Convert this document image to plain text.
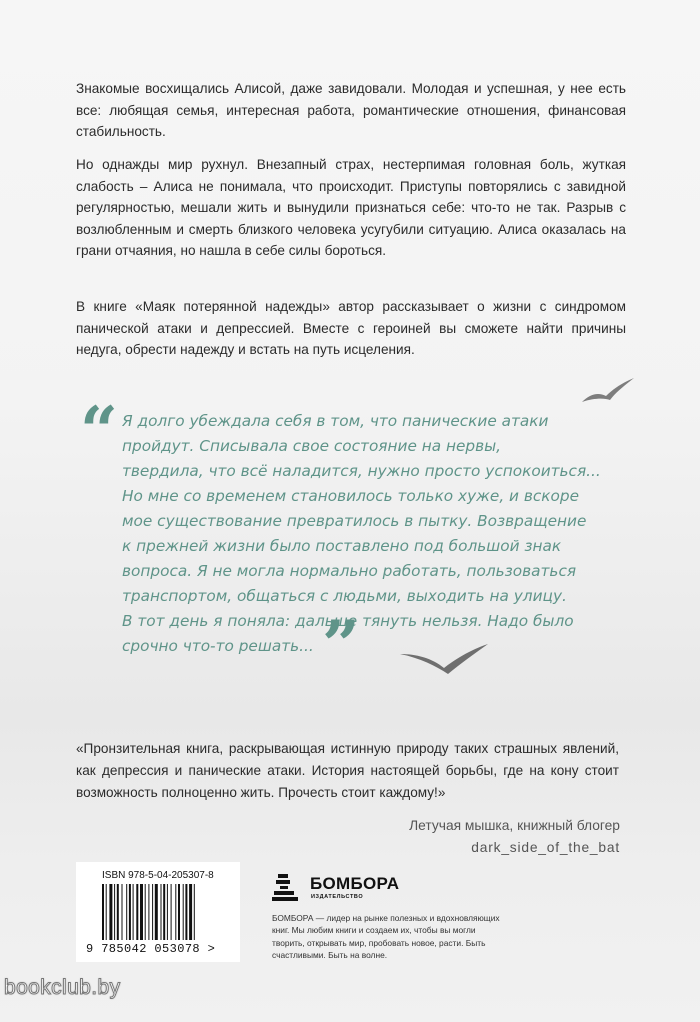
Знакомые восхищались Алисой, даже завидовали. Молодая и успешная, у нее есть все: любящая семья, интересная работа, романтические отношения, финансовая стабильность.

Но однажды мир рухнул. Внезапный страх, нестерпимая головная боль, жуткая слабость – Алиса не понимала, что происходит. Приступы повторялись с завидной регулярностью, мешали жить и вынудили признаться себе: что-то не так. Разрыв с возлюбленным и смерть близкого человека усугубили ситуацию. Алиса оказалась на грани отчаяния, но нашла в себе силы бороться.

В книге «Маяк потерянной надежды» автор рассказывает о жизни с синдромом панической атаки и депрессией. Вместе с героиней вы сможете найти причины недуга, обрести надежду и встать на путь исцеления.

“ Я долго убеждала себя в том, что панические атаки

пройдут. Списывала свое состояние на нервы,

твердила, что всё наладится, нужно просто успокоиться...

Но мне со временем становилось только хуже, и вскоре

мое существование превратилось в пытку. Возвращение

к прежней жизни было поставлено под большой знак

вопроса. Я не могла нормально работать, пользоваться

транспортом, общаться с людьми, выходить на улицу.

В тот день я поняла: дальше тянуть нельзя. Надо было

срочно что-то решать... ”

«Пронзительная книга, раскрывающая истинную природу таких страшных явлений, как депрессия и панические атаки. История настоящей борьбы, где на кону стоит возможность полноценно жить. Прочесть стоит каждому!»

Летучая мышка, книжный блогер

dark_side_of_the_bat

ISBN 978-5-04-205307-8

9 785042 053078 >

БОМБОРА

ИЗДАТЕЛЬСТВО

БОМБОРА — лидер на рынке полезных и вдохновляющих книг. Мы любим книги и создаем их, чтобы вы могли творить, открывать мир, пробовать новое, расти. Быть счастливыми. Быть на волне.

bookclub.by
